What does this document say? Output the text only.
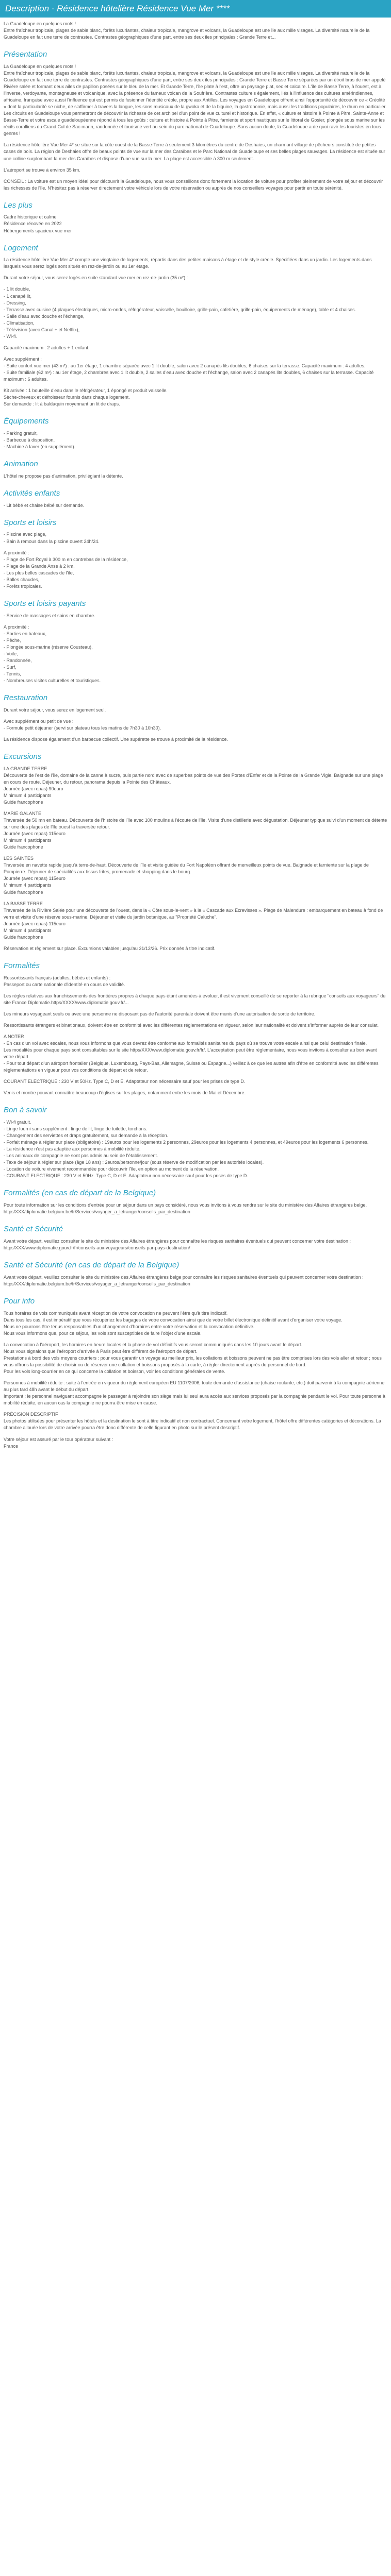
Description - Résidence hôtelière Résidence Vue Mer ****

La Guadeloupe en quelques mots !
Entre fraîcheur tropicale, plages de sable blanc, forêts luxuriantes, chaleur tropicale, mangrove et volcans, la Guadeloupe est une île aux mille visages. La diversité naturelle de la Guadeloupe en fait une terre de contrastes. Contrastes géographiques d'une part, entre ses deux iles principales : Grande Terre et...

Présentation

La Guadeloupe en quelques mots !
Entre fraîcheur tropicale, plages de sable blanc, forêts luxuriantes, chaleur tropicale, mangrove et volcans, la Guadeloupe est une île aux mille visages. La diversité naturelle de la Guadeloupe en fait une terre de contrastes. Contrastes géographiques d'une part, entre ses deux iles principales : Grande Terre et Basse Terre séparées par un étroit bras de mer appelé Rivière salée et formant deux ailes de papillon posées sur le bleu de la mer. Et Grande Terre, l'île plate à l'est, offre un paysage plat, sec et calcaire. L'île de Basse Terre, à l'ouest, est à l'inverse, verdoyante, montagneuse et volcanique, avec la présence du fameux volcan de la Soufrière. Contrastes culturels également, liés à l'influence des cultures amérindiennes, africaine, française avec aussi l'influence qui est permis de fusionner l'identité créole, propre aux Antilles. Les voyages en Guadeloupe offrent ainsi l'opportunité de découvrir ce « Créolité » dont la particularité se niche, de s'affirmer à travers la langue, les sons musicaux de la gwoka et de la biguine, la gastronomie, mais aussi les traditions populaires, le rhum en particulier. Les circuits en Guadeloupe vous permettront de découvrir la richesse de cet archipel d'un point de vue culturel et historique. En effet, « culture et histoire à Pointe à Pitre, Sainte-Anne et Basse-Terre et votre escale guadeloupéenne répond à tous les goûts : culture et histoire à Pointe à Pitre, farniente et sport nautiques sur le littoral de Gosier, plongée sous marine sur les récifs coralliens du Grand Cul de Sac marin, randonnée et tourisme vert au sein du parc national de Guadeloupe. Sans aucun doute, la Guadeloupe a de quoi ravir les touristes en tous genres !

La résidence hôtelière Vue Mer 4* se situe sur la côte ouest de la Basse-Terre à seulement 3 kilomètres du centre de Deshaies, un charmant village de pêcheurs constitué de petites cases de bois. La région de Deshaies offre de beaux points de vue sur la mer des Caraïbes et le Parc National de Guadeloupe et ses belles plages sauvages. La résidence est située sur une colline surplombant la mer des Caraïbes et dispose d'une vue sur la mer. La plage est accessible à 300 m seulement.

L'aéroport se trouve à environ 35 km.

CONSEIL : La voiture est un moyen idéal pour découvrir la Guadeloupe, nous vous conseillons donc fortement la location de voiture pour profiter pleinement de votre séjour et découvrir les richesses de l'île. N'hésitez pas à réserver directement votre véhicule lors de votre réservation ou auprès de nos conseillers voyages pour partir en toute sérénité.

Les plus

Cadre historique et calme
Résidence rénovée en 2022
Hébergements spacieux vue mer

Logement

La résidence hôtelière Vue Mer 4* compte une vingtaine de logements, répartis dans des petites maisons à étage et de style créole. Spécifiées dans un jardin. Les logements dans lesquels vous serez logés sont situés en rez-de-jardin ou au 1er étage.

Durant votre séjour, vous serez logés en suite standard vue mer en rez-de-jardin (35 m²) :

- 1 lit double,
- 1 canapé lit,
- Dressing,
- Terrasse avec cuisine (4 plaques électriques, micro-ondes, réfrigérateur, vaisselle, bouilloire, grille-pain, cafetière, grille-pain, équipements de ménage), table et 4 chaises.
- Salle d'eau avec douche et l'échange,
- Climatisation,
- Télévision (avec Canal + et Netflix),
- Wi-fi.

Capacité maximum : 2 adultes + 1 enfant.

Avec supplément :
- Suite confort vue mer (43 m²) : au 1er étage, 1 chambre séparée avec 1 lit double, salon avec 2 canapés lits doubles, 6 chaises sur la terrasse. Capacité maximum : 4 adultes.
- Suite familiale (62 m²) : au 1er étage, 2 chambres avec 1 lit double, 2 salles d'eau avec douche et l'échange, salon avec 2 canapés lits doubles, 6 chaises sur la terrasse. Capacité maximum : 6 adultes.

Kit arrivée : 1 bouteille d'eau dans le réfrigérateur, 1 épongé et produit vaisselle.
Sèche-cheveux et défroisseur fournis dans chaque logement.
Sur demande : lit à baldaquin moyennant un lit de draps.

Équipements

- Parking gratuit,
- Barbecue à disposition,
- Machine à laver (en supplément).

Animation

L'hôtel ne propose pas d'animation, privilégiant la détente.

Activités enfants

- Lit bébé et chaise bébé sur demande.

Sports et loisirs

- Piscine avec plage,
- Bain à remous dans la piscine ouvert 24h/24.

A proximité :
- Plage de Fort Royal à 300 m en contrebas de la résidence,
- Plage de la Grande Anse à 2 km,
- Les plus belles cascades de l'île,
- Balles chaudes,
- Forêts tropicales.

Sports et loisirs payants

- Service de massages et soins en chambre.

A proximité :
- Sorties en bateaux,
- Pêche,
- Plongée sous-marine (réserve Cousteau),
- Voile,
- Randonnée,
- Surf,
- Tennis,
- Nombreuses visites culturelles et touristiques.

Restauration

Durant votre séjour, vous serez en logement seul.

Avec supplément ou petit de vue :
- Formule petit déjeuner (servi sur plateau tous les matins de 7h30 à 10h30).

La résidence dispose également d'un barbecue collectif. Une supérette se trouve à proximité de la résidence.

Excursions

LA GRANDE TERRE
Découverte de l'est de l'île, domaine de la canne à sucre, puis partie nord avec de superbes points de vue des Portes d'Enfer et de la Pointe de la Grande Vigie. Baignade sur une plage en cours de route. Déjeuner, du retour, panorama depuis la Pointe des Châteaux.
Journée (avec repas) 90euro
Minimum 4 participants
Guide francophone

MARIE GALANTE
Traversée de 50 mn en bateau. Découverte de l'histoire de l'île avec 100 moulins à l'écoute de l'île. Visite d'une distillerie avec dégustation. Déjeuner typique suivi d'un moment de détente sur une des plages de l'île ouest la traversée retour.
Journée (avec repas) 115euro
Minimum 4 participants
Guide francophone

LES SAINTES
Traversée en navette rapide jusqu'à terre-de-haut. Découverte de l'île et visite guidée du Fort Napoléon offrant de merveilleux points de vue. Baignade et farniente sur la plage de Pompierre. Déjeuner de spécialités aux tissus frites, promenade et shopping dans le bourg.
Journée (avec repas) 115euro
Minimum 4 participants
Guide francophone

LA BASSE TERRE
Traversée de la Rivière Salée pour une découverte de l'ouest, dans la « Côte sous-le-vent » à la « Cascade aux Écrevisses ». Plage de Malendure : embarquement en bateau à fond de verre et visite d'une réserve sous-marine. Déjeuner et visite du jardin botanique, au "Propriété Caluche".
Journée (avec repas) 115euro
Minimum 4 participants
Guide francophone

Réservation et règlement sur place. Excursions valables jusqu'au 31/12/26. Prix donnés à titre indicatif.

Formalités

Ressortissants français (adultes, bébés et enfants) :
Passeport ou carte nationale d'identité en cours de validité.

Les règles relatives aux franchissements des frontières propres à chaque pays étant amenées à évoluer, il est vivement conseillé de se reporter à la rubrique "conseils aux voyageurs" du site France Diplomatie.https/XXXX/www.diplomatie.gouv.fr/...

Les mineurs voyageant seuls ou avec une personne ne disposant pas de l'autorité parentale doivent être munis d'une autorisation de sortie de territoire.

Ressortissants étrangers et binationaux, doivent être en conformité avec les différentes réglementations en vigueur, selon leur nationalité et doivent s'informer auprès de leur consulat.

A NOTER
- En cas d'un vol avec escales, nous vous informons que vous devrez être conforme aux formalités sanitaires du pays où se trouve votre escale ainsi que celui destination finale.
Les modalités pour chaque pays sont consultables sur le site https/XXX/www.diplomatie.gouv.fr/fr/. L'acceptation peut être réglementaire, nous vous invitons à consulter au bon avant votre départ.
- Pour tout départ d'un aéroport frontalier (Belgique, Luxembourg, Pays-Bas, Allemagne, Suisse ou Espagne...) veillez à ce que les autres afin d'être en conformité avec les différentes réglementations en vigueur pour vos conditions de départ et de retour.

COURANT ELECTRIQUE : 230 V et 50Hz. Type C, D et E. Adaptateur non nécessaire sauf pour les prises de type D.

Venis et montre pouvant connaître beaucoup d'églises sur les plages, notamment entre les mois de Mai et Décembre.

Bon à savoir

- Wi-fi gratuit.
- Linge fourni sans supplément : linge de lit, linge de toilette, torchons.
- Changement des serviettes et draps gratuitement, sur demande à la réception.
- Forfait ménage à régler sur place (obligatoire) : 19euros pour les logements 2 personnes, 29euros pour les logements 4 personnes, et 49euros pour les logements 6 personnes.
- La résidence n'est pas adaptée aux personnes à mobilité réduite.
- Les animaux de compagnie ne sont pas admis au sein de l'établissement.
- Taxe de séjour à régler sur place (âge 18 ans) : 2euros/personne/jour (sous réserve de modification par les autorités locales).
- Location de voiture vivement recommandée pour découvrir l'île, en option au moment de la réservation.
- COURANT ELECTRIQUE : 230 V et 50Hz. Type C, D et E. Adaptateur non nécessaire sauf pour les prises de type D.

Formalités (en cas de départ de la Belgique)

Pour toute information sur les conditions d'entrée pour un séjour dans un pays considéré, nous vous invitons à vous rendre sur le site du ministère des Affaires étrangères belge, https/XXX/diplomatie.belgium.be/fr/Services/voyager_a_letranger/conseils_par_destination

Santé et Sécurité

Avant votre départ, veuillez consulter le site du ministère des Affaires étrangères pour connaître les risques sanitaires éventuels qui peuvent concerner votre destination : https/XXX/www.diplomatie.gouv.fr/fr/conseils-aux-voyageurs/conseils-par-pays-destination/

Santé et Sécurité (en cas de départ de la Belgique)

Avant votre départ, veuillez consulter le site du ministère des Affaires étrangères belge pour connaître les risques sanitaires éventuels qui peuvent concerner votre destination : https/XXX/diplomatie.belgium.be/fr/Services/voyager_a_letranger/conseils_par_destination

Pour info

Tous horaires de vols communiqués avant réception de votre convocation ne peuvent l'être qu'à titre indicatif.
Dans tous les cas, il est impératif que vous récupériez les bagages de votre convocation ainsi que de votre billet électronique définitif avant d'organiser votre voyage.
Nous ne pourrons être tenus responsables d'un changement d'horaires entre votre réservation et la convocation définitive.
Nous vous informons que, pour ce séjour, les vols sont susceptibles de faire l'objet d'une escale.

La convocation à l'aéroport, les horaires en heure locales et la phase de vol définitifs vous seront communiqués dans les 10 jours avant le départ.
Nous vous signalons que l'aéroport d'arrivée à Paris peut être différent de l'aéroport de départ.
Prestations à bord des vols moyens courriers : pour vous garantir un voyage au meilleur prix, les collations et boissons peuvent ne pas être comprises lors des vols aller et retour ; nous vous offrons la possibilité de choisir ou de réserver une collation et boissons proposés à la carte, à régler directement auprès du personnel de bord.
Pour les vols long-courrier en ce qui concerne la collation et boisson, voir les conditions générales de vente.

Personnes à mobilité réduite : suite à l'entrée en vigueur du règlement européen EU 1107/2006, toute demande d'assistance (chaise roulante, etc.) doit parvenir à la compagnie aérienne au plus tard 48h avant le début du départ.
Important : le personnel naviguant accompagne le passager à rejoindre son siège mais lui seul aura accès aux services proposés par la compagnie pendant le vol. Pour toute personne à mobilité réduite, en aucun cas la compagnie ne pourra être mise en cause.

PRÉCISION DESCRIPTIF
Les photos utilisées pour présenter les hôtels et la destination le sont à titre indicatif et non contractuel. Concernant votre logement, l'hôtel offre différentes catégories et décorations. La chambre allouée lors de votre arrivée pourra être donc différente de celle figurant en photo sur le présent descriptif.

Votre séjour est assuré par le tour opérateur suivant :
France
